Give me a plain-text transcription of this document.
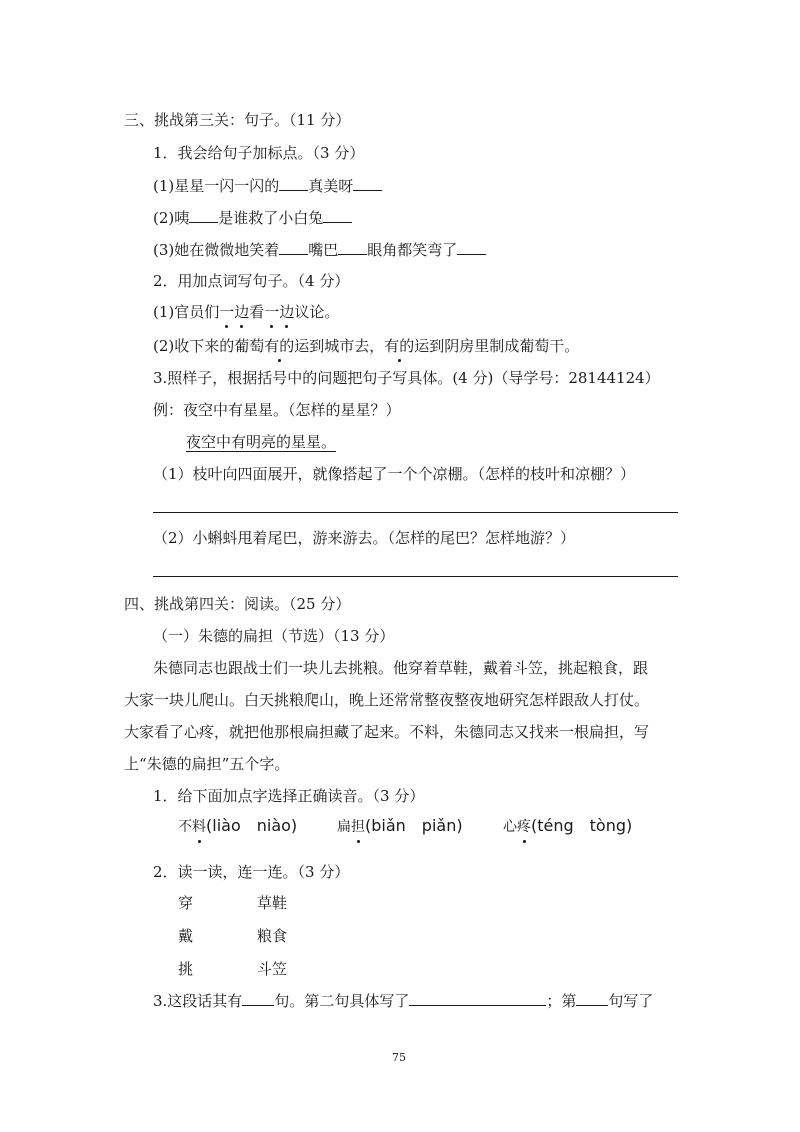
三、挑战第三关：句子。（11 分）
1．我会给句子加标点。（3 分）
(1)星星一闪一闪的 真美呀
(2)咦 是谁救了小白兔
(3)她在微微地笑着 嘴巴 眼角都笑弯了
2．用加点词写句子。（4 分）
(1)官员们一边看一边议论。
(2)收下来的葡萄有的运到城市去，有的运到阴房里制成葡萄干。
3.照样子，根据括号中的问题把句子写具体。(4 分)（导学号：28144124）
例：夜空中有星星。（怎样的星星？）
夜空中有明亮的星星。
（1）枝叶向四面展开，就像搭起了一个个凉棚。（怎样的枝叶和凉棚？）
（2）小蝌蚪甩着尾巴，游来游去。（怎样的尾巴？怎样地游？）
四、挑战第四关：阅读。（25 分）
（一）朱德的扁担（节选）（13 分）
朱德同志也跟战士们一块儿去挑粮。他穿着草鞋，戴着斗笠，挑起粮食，跟
大家一块儿爬山。白天挑粮爬山，晚上还常常整夜整夜地研究怎样跟敌人打仗。
大家看了心疼，就把他那根扁担藏了起来。不料，朱德同志又找来一根扁担，写
上“朱德的扁担”五个字。
1．给下面加点字选择正确读音。（3 分）
不料(liào　niào)	扁担(biǎn　piǎn)	心疼(téng　tòng)
2．读一读，连一连。（3 分）
穿	草鞋
戴	粮食
挑	斗笠
3.这段话其有 句。第二句具体写了	；第 句写了
75
